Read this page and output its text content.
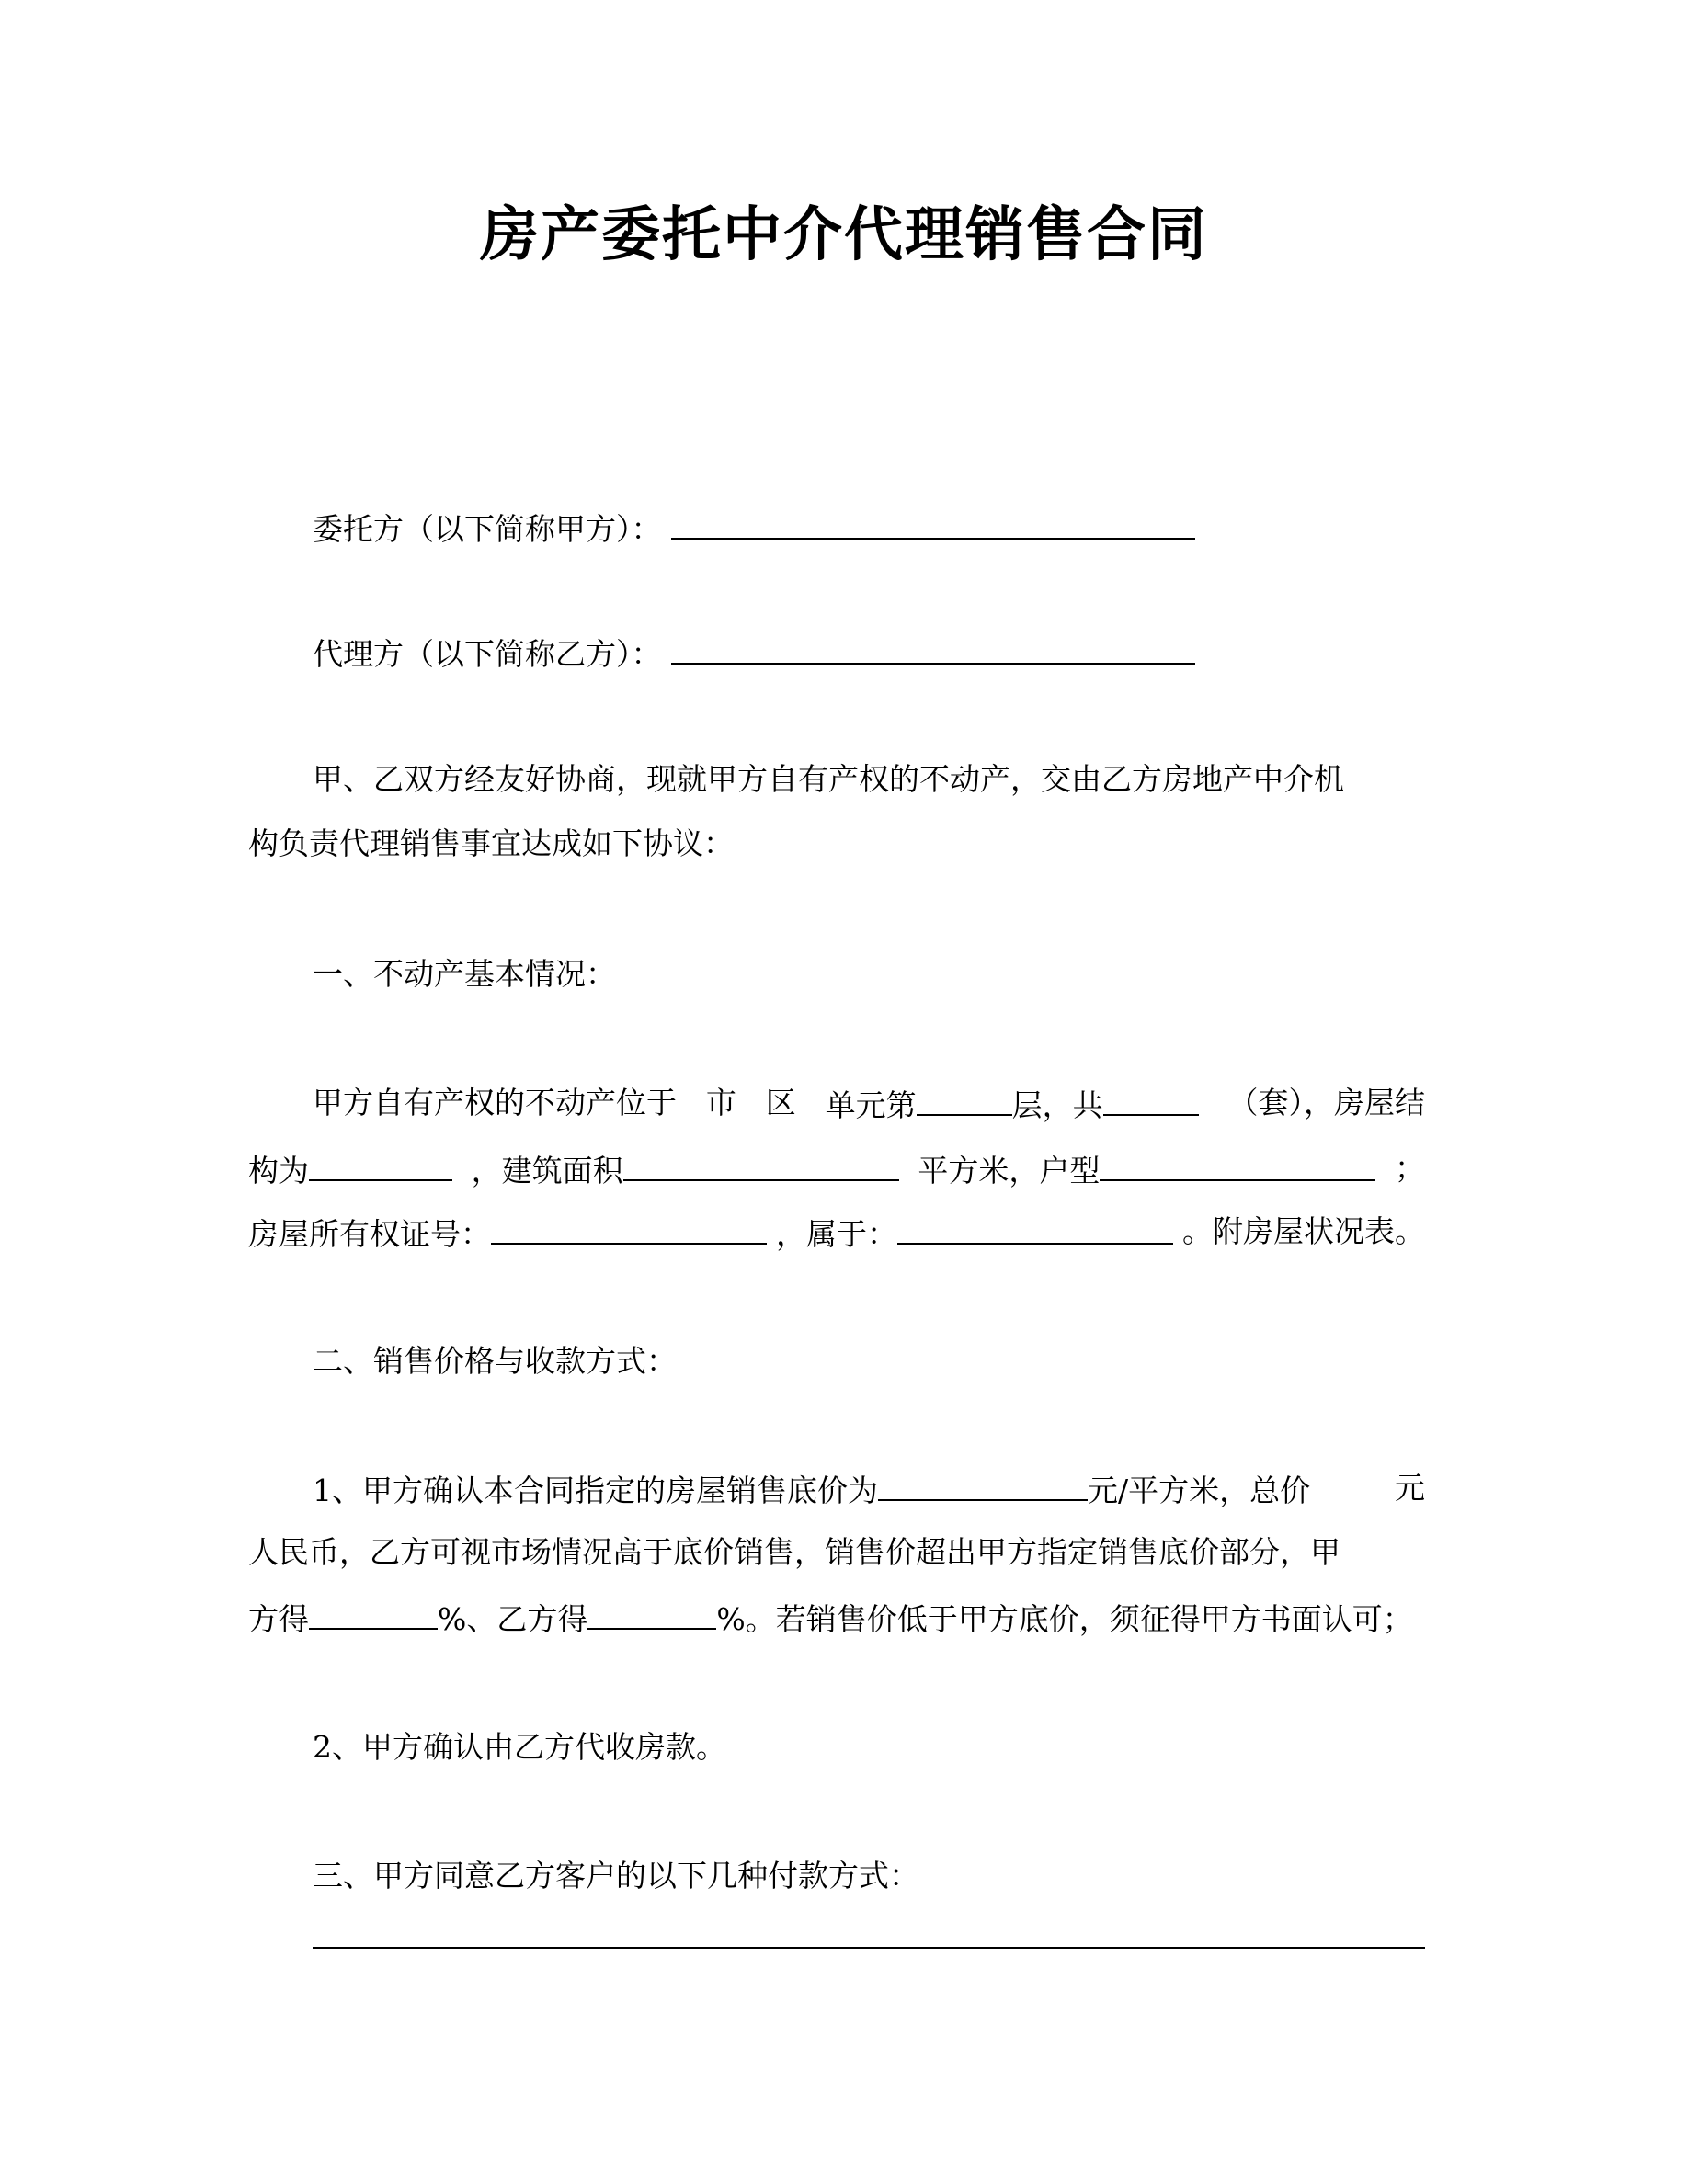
房产委托中介代理销售合同
委托方（以下简称甲方）：
代理方（以下简称乙方）：
甲、乙双方经友好协商，现就甲方自有产权的不动产，交由乙方房地产中介机
构负责代理销售事宜达成如下协议：
一、不动产基本情况：
甲方自有产权的不动产位于 市 区 单元第	层，共	（套），房屋结
构为	，建筑面积	平方米，户型	；
房屋所有权证号：	，属于：	。附房屋状况表。
二、销售价格与收款方式：
1、甲方确认本合同指定的房屋销售底价为	元/平方米，总价	元
人民币，乙方可视市场情况高于底价销售，销售价超出甲方指定销售底价部分，甲
方得	%、乙方得	%。若销售价低于甲方底价，须征得甲方书面认可；
2、甲方确认由乙方代收房款。
三、甲方同意乙方客户的以下几种付款方式：
